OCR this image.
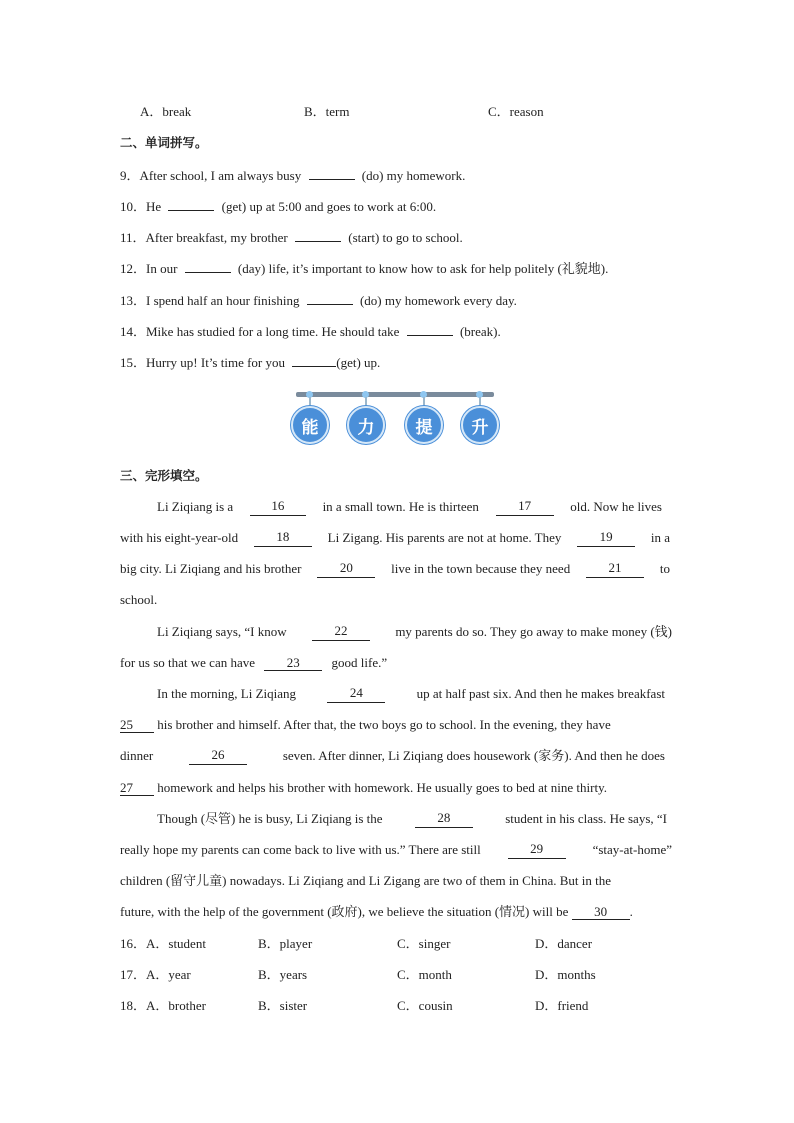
A．break	B．term	C．reason
二、单词拼写。
9．After school, I am always busy	(do) my homework.
10．He	(get) up at 5:00 and goes to work at 6:00.
11．After breakfast, my brother	(start) to go to school.
12．In our	(day) life, it’s important to know how to ask for help politely (礼貌地).
13．I spend half an hour finishing	(do) my homework every day.
14．Mike has studied for a long time. He should take	(break).
15．Hurry up! It’s time for you	(get) up.
能	力	提	升
三、完形填空。
Li Ziqiang is a	16	in a small town. He is thirteen	17	old. Now he lives
with his eight-year-old	18	Li Zigang. His parents are not at home. They	19	in a
big city. Li Ziqiang and his brother	20	live in the town because they need	21	to
school.
Li Ziqiang says, “I know	22	my parents do so. They go away to make money (钱)
for us so that we can have 23 good life.”
In the morning, Li Ziqiang	24	up at half past six. And then he makes breakfast
25 his brother and himself. After that, the two boys go to school. In the evening, they have
dinner	26	seven. After dinner, Li Ziqiang does housework (家务). And then he does
27 homework and helps his brother with homework. He usually goes to bed at nine thirty.
Though (尽管) he is busy, Li Ziqiang is the	28	student in his class. He says, “I
really hope my parents can come back to live with us.” There are still	29	“stay-at-home”
children (留守儿童) nowadays. Li Ziqiang and Li Zigang are two of them in China. But in the
future, with the help of the government (政府), we believe the situation (情况) will be 30 .
16．A．student	B．player	C．singer	D．dancer
17．A．year	B．years	C．month	D．months
18．A．brother	B．sister	C．cousin	D．friend
